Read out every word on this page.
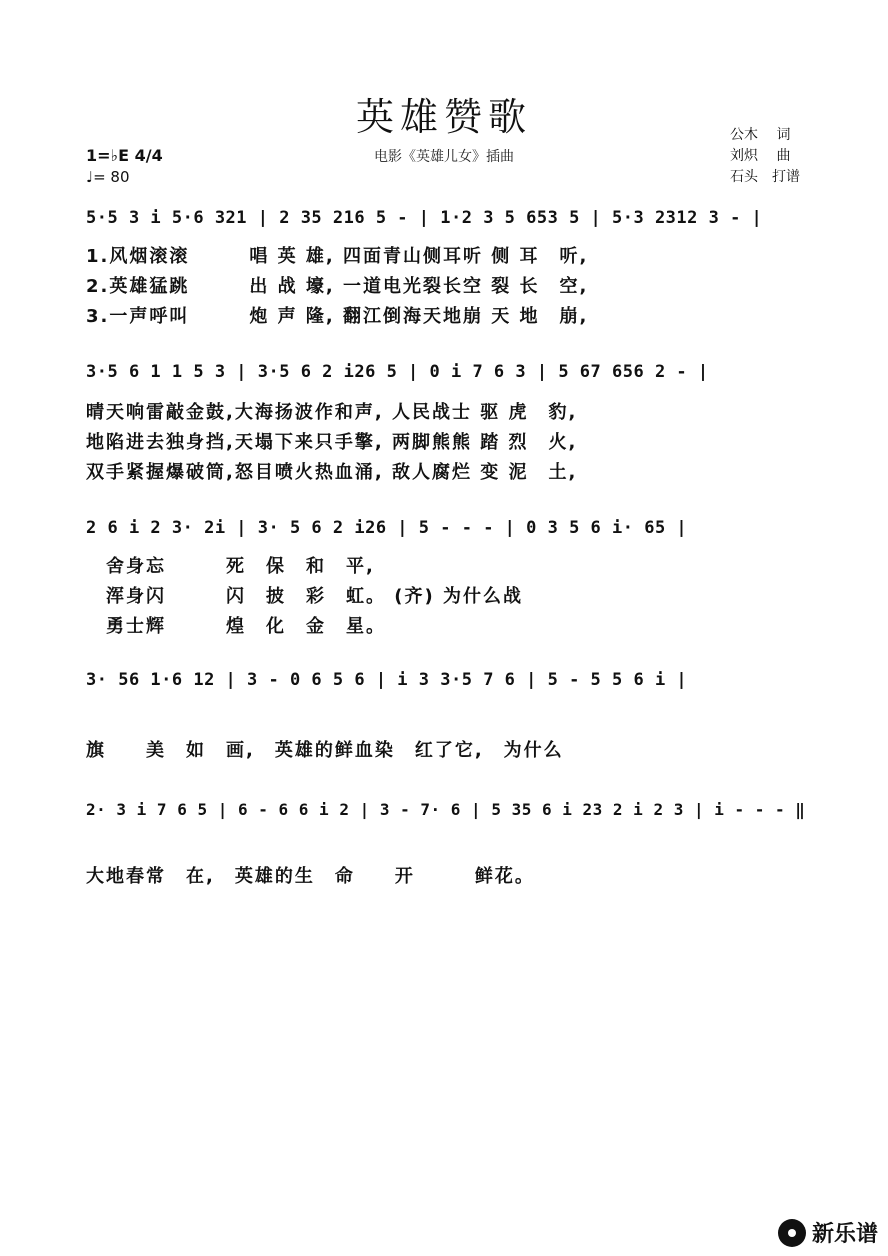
英雄赞歌
电影《英雄儿女》插曲
公木　 词
刘炽　 曲
石头　打谱
1=♭E 4/4
♩= 80
5·5 3 i 5·6 321 | 2 35 216 5 - | 1·2 3 5 653 5 | 5·3 2312 3 - |
1.风烟滚滚　　　唱 英 雄, 四面青山侧耳听 侧 耳　听,
2.英雄猛跳　　　出 战 壕, 一道电光裂长空 裂 长　空,
3.一声呼叫　　　炮 声 隆, 翻江倒海天地崩 天 地　崩,
3·5 6 1 1 5 3 | 3·5 6 2 i26 5 | 0 i 7 6 3 | 5 67 656 2 - |
晴天响雷敲金鼓,大海扬波作和声, 人民战士 驱 虎　豹,
地陷进去独身挡,天塌下来只手擎, 两脚熊熊 踏 烈　火,
双手紧握爆破筒,怒目喷火热血涌, 敌人腐烂 变 泥　土,
2 6 i 2 3· 2i | 3· 5 6 2 i26 | 5 - - - | 0 3 5 6 i· 65 |
　舍身忘　　　死　保　和　平,
　浑身闪　　　闪　披　彩　虹。 (齐) 为什么战
　勇士辉　　　煌　化　金　星。
3· 56 1·6 12 | 3 - 0 6 5 6 | i 3 3·5 7 6 | 5 - 5 5 6 i |
旗　　美　如　画,　英雄的鲜血染　红了它,　为什么
2· 3 i 7 6 5 | 6 - 6 6 i 2 | 3 - 7· 6 | 5 35 6 i 23 2 i 2 3 | i - - - ‖
大地春常　在,　英雄的生　命　　开　　　鲜花。
新乐谱
